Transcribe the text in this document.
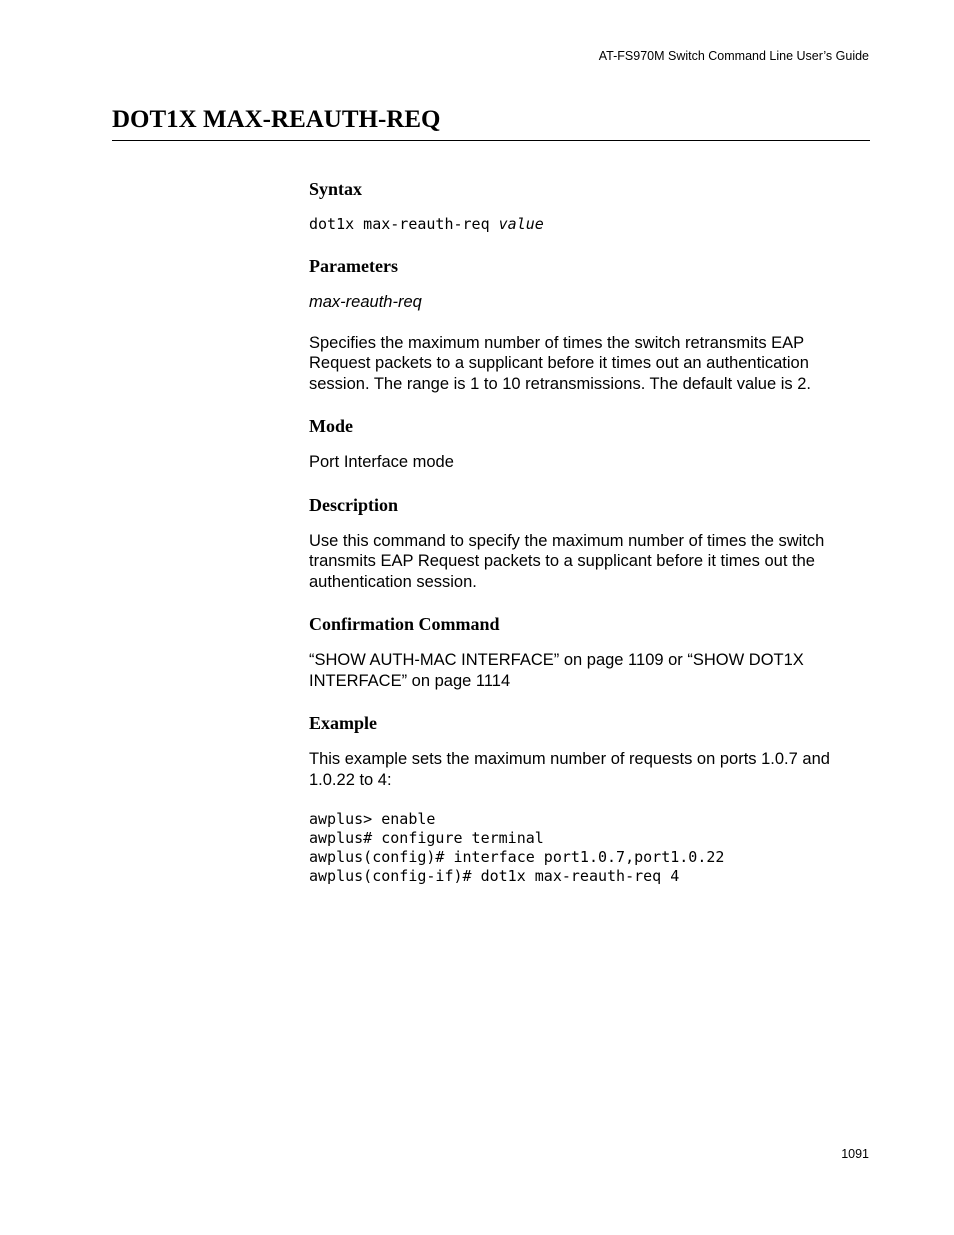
AT-FS970M Switch Command Line User’s Guide
DOT1X MAX-REAUTH-REQ
Syntax
dot1x max-reauth-req value
Parameters

max-reauth-req

Specifies the maximum number of times the switch retransmits EAP Request packets to a supplicant before it times out an authentication session. The range is 1 to 10 retransmissions. The default value is 2.

Mode

Port Interface mode

Description

Use this command to specify the maximum number of times the switch transmits EAP Request packets to a supplicant before it times out the authentication session.

Confirmation Command

“SHOW AUTH-MAC INTERFACE” on page 1109 or “SHOW DOT1X INTERFACE” on page 1114

Example

This example sets the maximum number of requests on ports 1.0.7 and 1.0.22 to 4:

awplus> enable
awplus# configure terminal
awplus(config)# interface port1.0.7,port1.0.22
awplus(config-if)# dot1x max-reauth-req 4
1091
